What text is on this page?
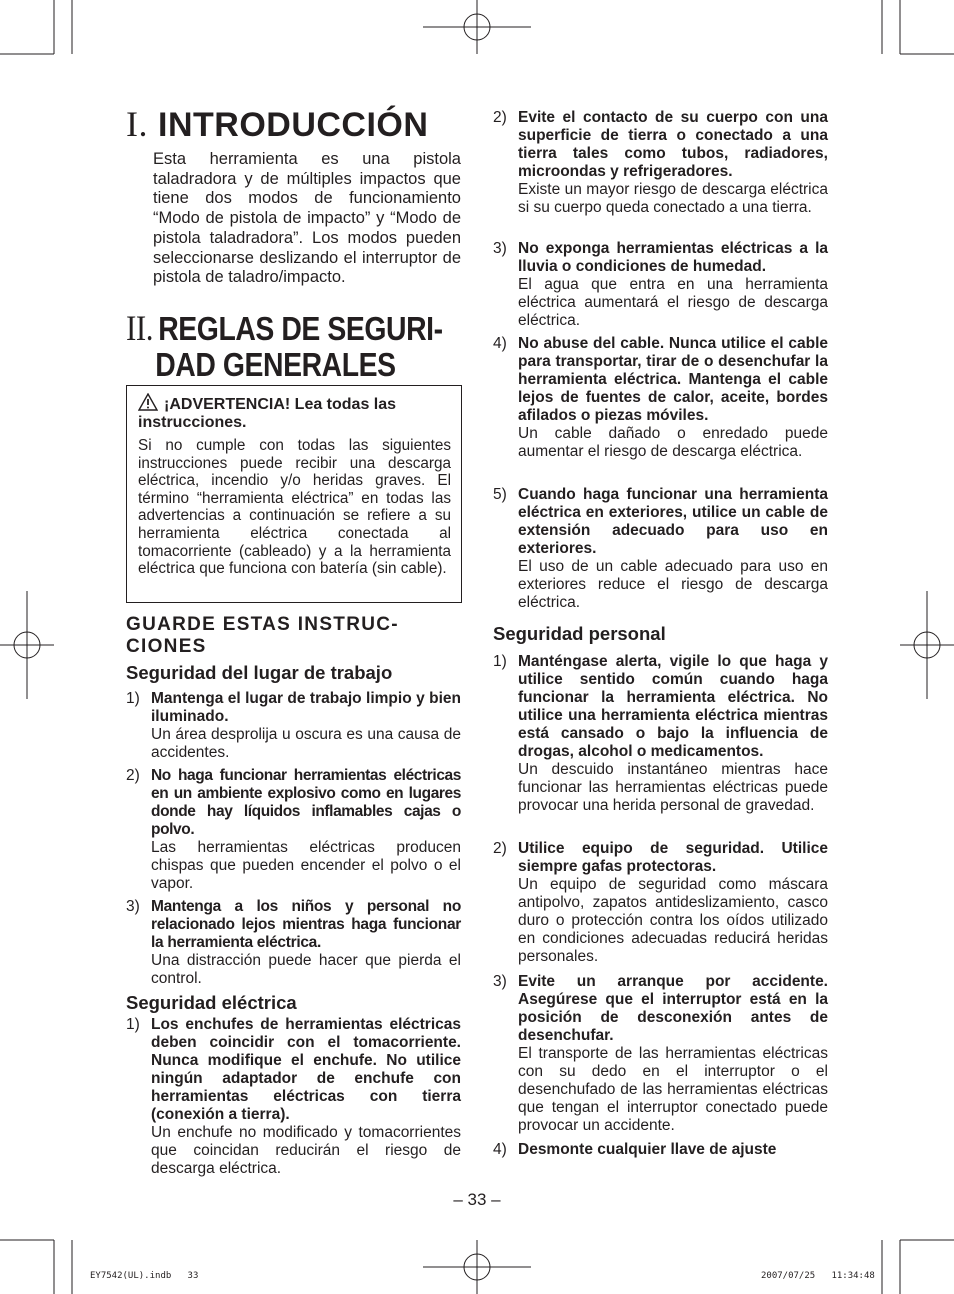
I. INTRODUCCIÓN
Esta herramienta es una pistola taladradora y de múltiples impactos que tiene dos modos de funcionamiento “Modo de pistola de impacto” y “Modo de pistola taladradora”. Los modos pueden seleccionarse deslizando el interruptor de pistola de taladro/impacto.
II. REGLAS DE SEGURI-
DAD GENERALES
¡ADVERTENCIA! Lea todas las instrucciones.
Si no cumple con todas las siguientes instrucciones puede recibir una descarga eléctrica, incendio y/o heridas graves. El término “herramienta eléctrica” en todas las advertencias a continuación se refiere a su herramienta eléctrica conectada al tomacorriente (cableado) y a la herramienta eléctrica que funciona con batería (sin cable).
GUARDE ESTAS INSTRUC-CIONES
Seguridad del lugar de trabajo
1) Mantenga el lugar de trabajo limpio y bien iluminado.
Un área desprolija u oscura es una causa de accidentes.
2) No haga funcionar herramientas eléctricas en un ambiente explosivo como en lugares donde hay líquidos inflamables cajas o polvo.
Las herramientas eléctricas producen chispas que pueden encender el polvo o el vapor.
3) Mantenga a los niños y personal no relacionado lejos mientras haga funcionar la herramienta eléctrica.
Una distracción puede hacer que pierda el control.
Seguridad eléctrica
1) Los enchufes de herramientas eléctricas deben coincidir con el tomacorriente. Nunca modifique el enchufe. No utilice ningún adaptador de enchufe con herramientas eléctricas con tierra (conexión a tierra).
Un enchufe no modificado y tomacorrientes que coincidan reducirán el riesgo de descarga eléctrica.
2) Evite el contacto de su cuerpo con una superficie de tierra o conectado a una tierra tales como tubos, radiadores, microondas y refrigeradores.
Existe un mayor riesgo de descarga eléctrica si su cuerpo queda conectado a una tierra.
3) No exponga herramientas eléctricas a la lluvia o condiciones de humedad.
El agua que entra en una herramienta eléctrica aumentará el riesgo de descarga eléctrica.
4) No abuse del cable. Nunca utilice el cable para transportar, tirar de o desenchufar la herramienta eléctrica. Mantenga el cable lejos de fuentes de calor, aceite, bordes afilados o piezas móviles.
Un cable dañado o enredado puede aumentar el riesgo de descarga eléctrica.
5) Cuando haga funcionar una herramienta eléctrica en exteriores, utilice un cable de extensión adecuado para uso en exteriores.
El uso de un cable adecuado para uso en exteriores reduce el riesgo de descarga eléctrica.
Seguridad personal
1) Manténgase alerta, vigile lo que haga y utilice sentido común cuando haga funcionar la herramienta eléctrica. No utilice una herramienta eléctrica mientras está cansado o bajo la influencia de drogas, alcohol o medicamentos.
Un descuido instantáneo mientras hace funcionar las herramientas eléctricas puede provocar una herida personal de gravedad.
2) Utilice equipo de seguridad. Utilice siempre gafas protectoras.
Un equipo de seguridad como máscara antipolvo, zapatos antideslizamiento, casco duro o protección contra los oídos utilizado en condiciones adecuadas reducirá heridas personales.
3) Evite un arranque por accidente. Asegúrese que el interruptor está en la posición de desconexión antes de desenchufar.
El transporte de las herramientas eléctricas con su dedo en el interruptor o el desenchufado de las herramientas eléctricas que tengan el interruptor conectado puede provocar un accidente.
4) Desmonte cualquier llave de ajuste
– 33 –
EY7542(UL).indb   33	2007/07/25   11:34:48
